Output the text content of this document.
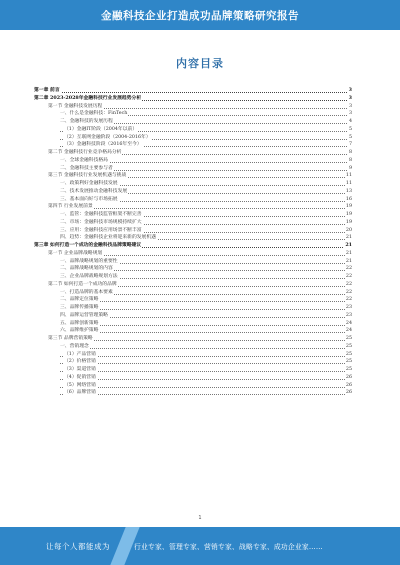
金融科技企业打造成功品牌策略研究报告
内容目录
第一章 前言	3
第二章 2023-2028年金融科技行业发展趋势分析	3
第一节 金融科技发展历程	3
一、什么是金融科技：FinTech	3
二、金融科技的发展历程	4
（1）金融IT阶段（2004年以前）	5
（2）互联网金融阶段（2004-2016年）	5
（3）金融科技阶段（2016年至今）	7
第二节 金融科技行业竞争格局分析	8
一、全球金融科技格局	8
二、金融科技主要参与者	9
第三节 金融科技行业发展机遇与挑战	11
一、政策利好金融科技发展	11
二、技术发展推动金融科技发展	13
三、基本面向好与市场拓展	16
第四节 行业发展前景	19
一、监管：金融科技监管框架不断完善	19
二、市场：金融科技市场规模持续扩大	19
三、应用：金融科技应用场景不断丰富	20
四、趋势：金融科技企业将迎来新的发展机遇	21
第三章 如何打造一个成功的金融科技品牌策略建议	21
第一节 企业品牌战略规划	21
一、品牌战略规划的重要性	21
二、品牌战略规划的内容	22
三、企业品牌战略规划方法	22
第二节 如何打造一个成功的品牌	22
一、打造品牌的基本要素	22
二、品牌定位策略	22
三、品牌传播策略	23
四、品牌运营管理策略	23
五、品牌创新策略	24
六、品牌维护策略	24
第三节 品牌营销策略	25
一、营销理念	25
（1）产品营销	25
（2）价格营销	25
（3）渠道营销	25
（4）促销营销	26
（5）网络营销	26
（6）品牌营销	26
1
让每个人都能成为	行业专家、管理专家、营销专家、战略专家、成功企业家……
